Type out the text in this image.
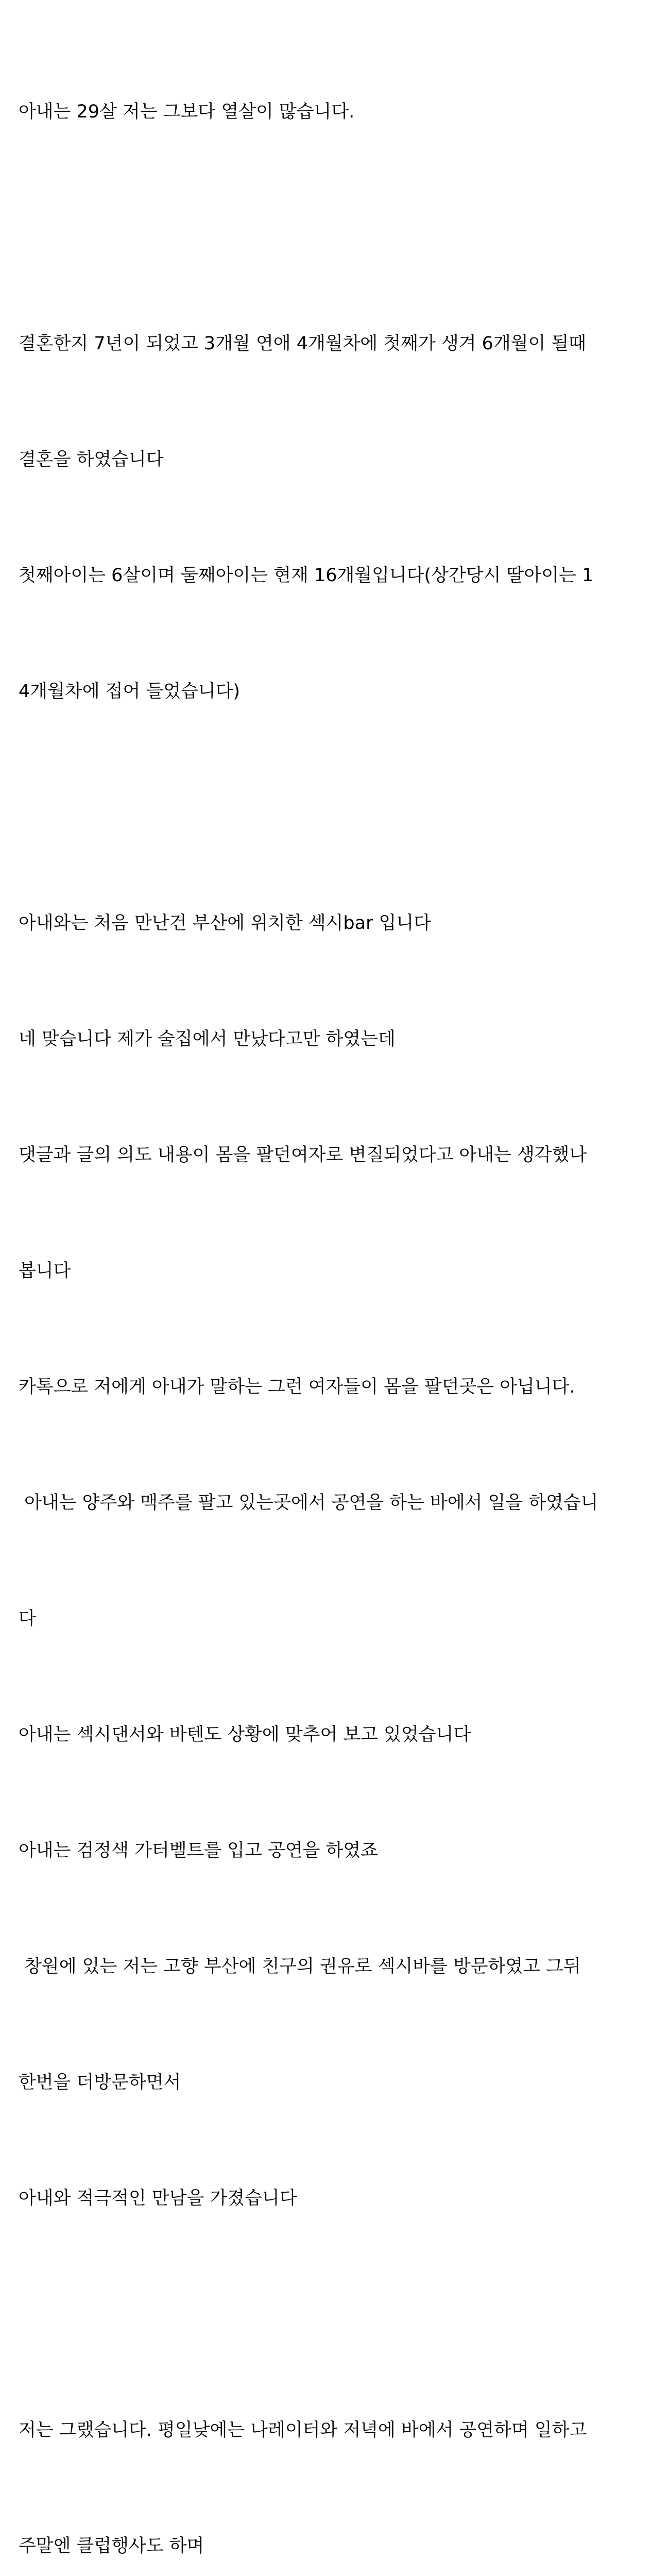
아내는 29살 저는 그보다 열살이 많습니다.

결혼한지 7년이 되었고 3개월 연애 4개월차에 첫째가 생겨 6개월이 될때

결혼을 하였습니다

첫째아이는 6살이며 둘째아이는 현재 16개월입니다(상간당시 딸아이는 1

4개월차에 접어 들었습니다)

아내와는 처음 만난건 부산에 위치한 섹시bar 입니다

네 맞습니다 제가 술집에서 만났다고만 하였는데

댓글과 글의 의도 내용이 몸을 팔던여자로 변질되었다고 아내는 생각했나

봅니다

카톡으로 저에게 아내가 말하는 그런 여자들이 몸을 팔던곳은 아닙니다.

아내는 양주와 맥주를 팔고 있는곳에서 공연을 하는 바에서 일을 하였습니

다

아내는 섹시댄서와 바텐도 상황에 맞추어 보고 있었습니다

아내는 검정색 가터벨트를 입고 공연을 하였죠

창원에 있는 저는 고향 부산에 친구의 권유로 섹시바를 방문하였고 그뒤

한번을 더방문하면서

아내와 적극적인 만남을 가졌습니다

저는 그랬습니다. 평일낮에는 나레이터와 저녁에 바에서 공연하며 일하고

주말엔 클럽행사도 하며
